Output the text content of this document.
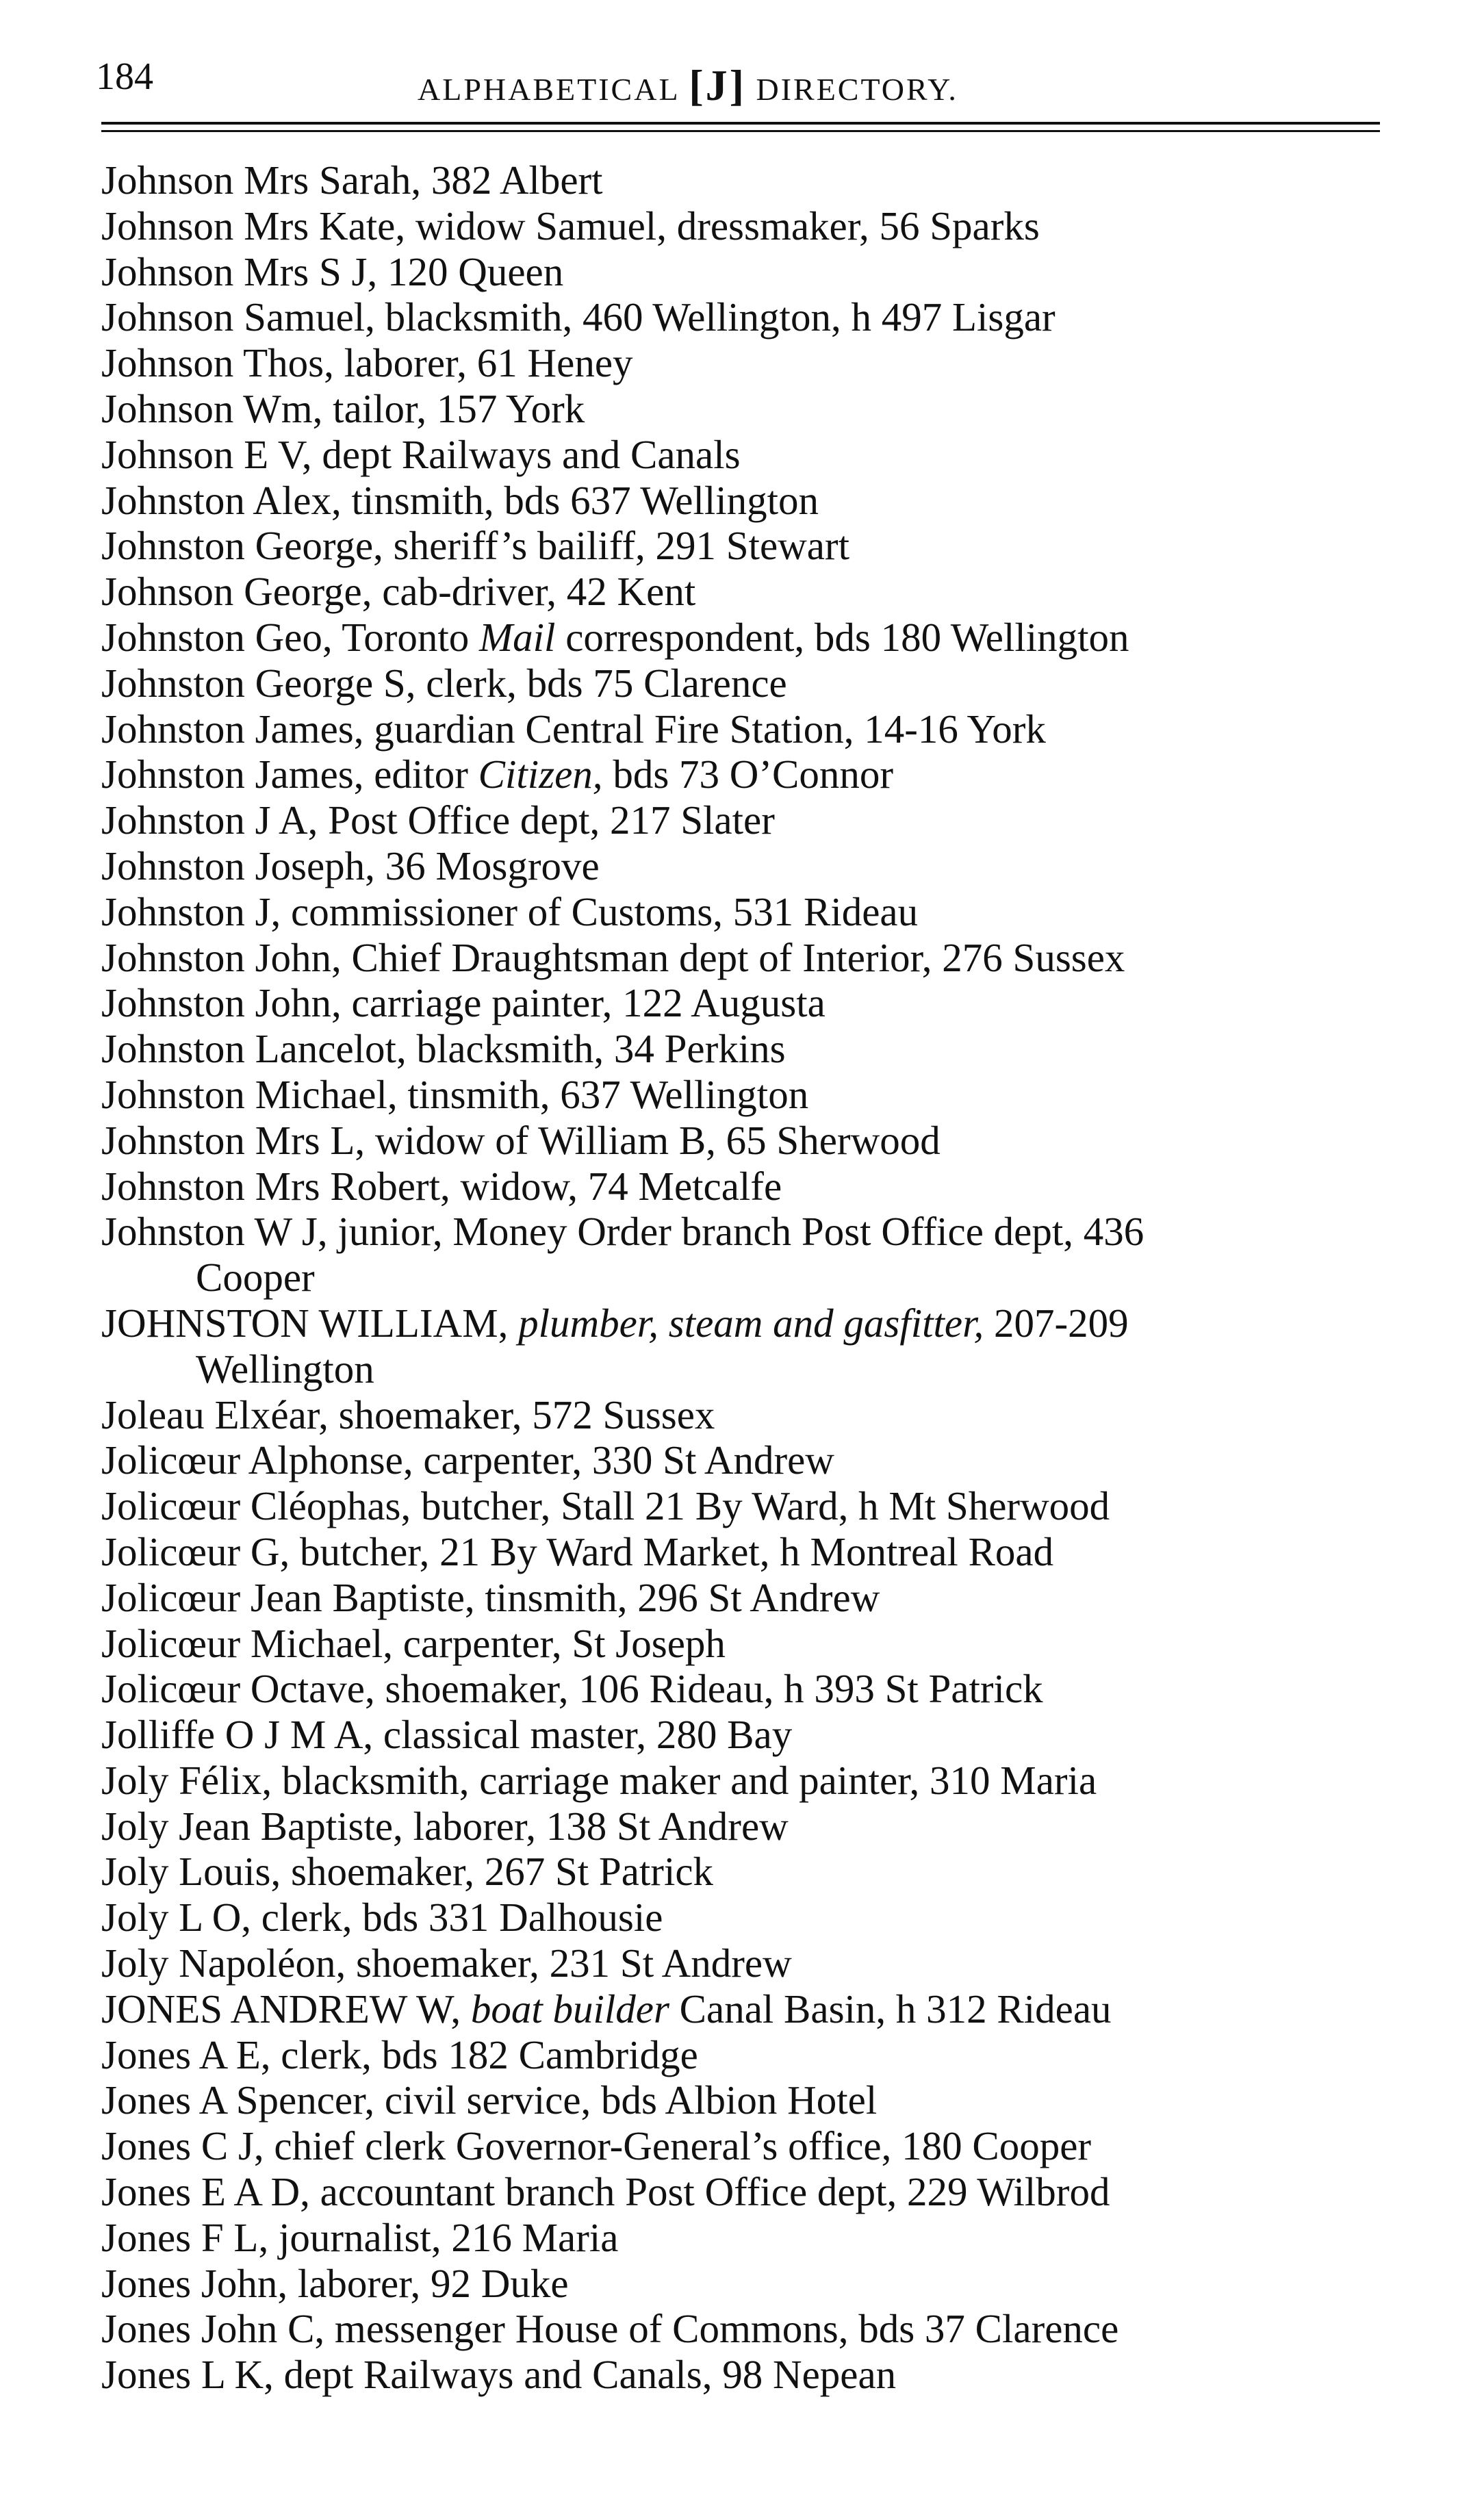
184	ALPHABETICAL [J] DIRECTORY.
Johnson Mrs Sarah, 382 Albert
Johnson Mrs Kate, widow Samuel, dressmaker, 56 Sparks
Johnson Mrs S J, 120 Queen
Johnson Samuel, blacksmith, 460 Wellington, h 497 Lisgar
Johnson Thos, laborer, 61 Heney
Johnson Wm, tailor, 157 York
Johnson E V, dept Railways and Canals
Johnston Alex, tinsmith, bds 637 Wellington
Johnston George, sheriff’s bailiff, 291 Stewart
Johnson George, cab-driver, 42 Kent
Johnston Geo, Toronto Mail correspondent, bds 180 Wellington
Johnston George S, clerk, bds 75 Clarence
Johnston James, guardian Central Fire Station, 14-16 York
Johnston James, editor Citizen, bds 73 O’Connor
Johnston J A, Post Office dept, 217 Slater
Johnston Joseph, 36 Mosgrove
Johnston J, commissioner of Customs, 531 Rideau
Johnston John, Chief Draughtsman dept of Interior, 276 Sussex
Johnston John, carriage painter, 122 Augusta
Johnston Lancelot, blacksmith, 34 Perkins
Johnston Michael, tinsmith, 637 Wellington
Johnston Mrs L, widow of William B, 65 Sherwood
Johnston Mrs Robert, widow, 74 Metcalfe
Johnston W J, junior, Money Order branch Post Office dept, 436
Cooper
JOHNSTON WILLIAM, plumber, steam and gasfitter, 207-209
Wellington
Joleau Elxéar, shoemaker, 572 Sussex
Jolicœur Alphonse, carpenter, 330 St Andrew
Jolicœur Cléophas, butcher, Stall 21 By Ward, h Mt Sherwood
Jolicœur G, butcher, 21 By Ward Market, h Montreal Road
Jolicœur Jean Baptiste, tinsmith, 296 St Andrew
Jolicœur Michael, carpenter, St Joseph
Jolicœur Octave, shoemaker, 106 Rideau, h 393 St Patrick
Jolliffe O J M A, classical master, 280 Bay
Joly Félix, blacksmith, carriage maker and painter, 310 Maria
Joly Jean Baptiste, laborer, 138 St Andrew
Joly Louis, shoemaker, 267 St Patrick
Joly L O, clerk, bds 331 Dalhousie
Joly Napoléon, shoemaker, 231 St Andrew
JONES ANDREW W, boat builder Canal Basin, h 312 Rideau
Jones A E, clerk, bds 182 Cambridge
Jones A Spencer, civil service, bds Albion Hotel
Jones C J, chief clerk Governor-General’s office, 180 Cooper
Jones E A D, accountant branch Post Office dept, 229 Wilbrod
Jones F L, journalist, 216 Maria
Jones John, laborer, 92 Duke
Jones John C, messenger House of Commons, bds 37 Clarence
Jones L K, dept Railways and Canals, 98 Nepean
